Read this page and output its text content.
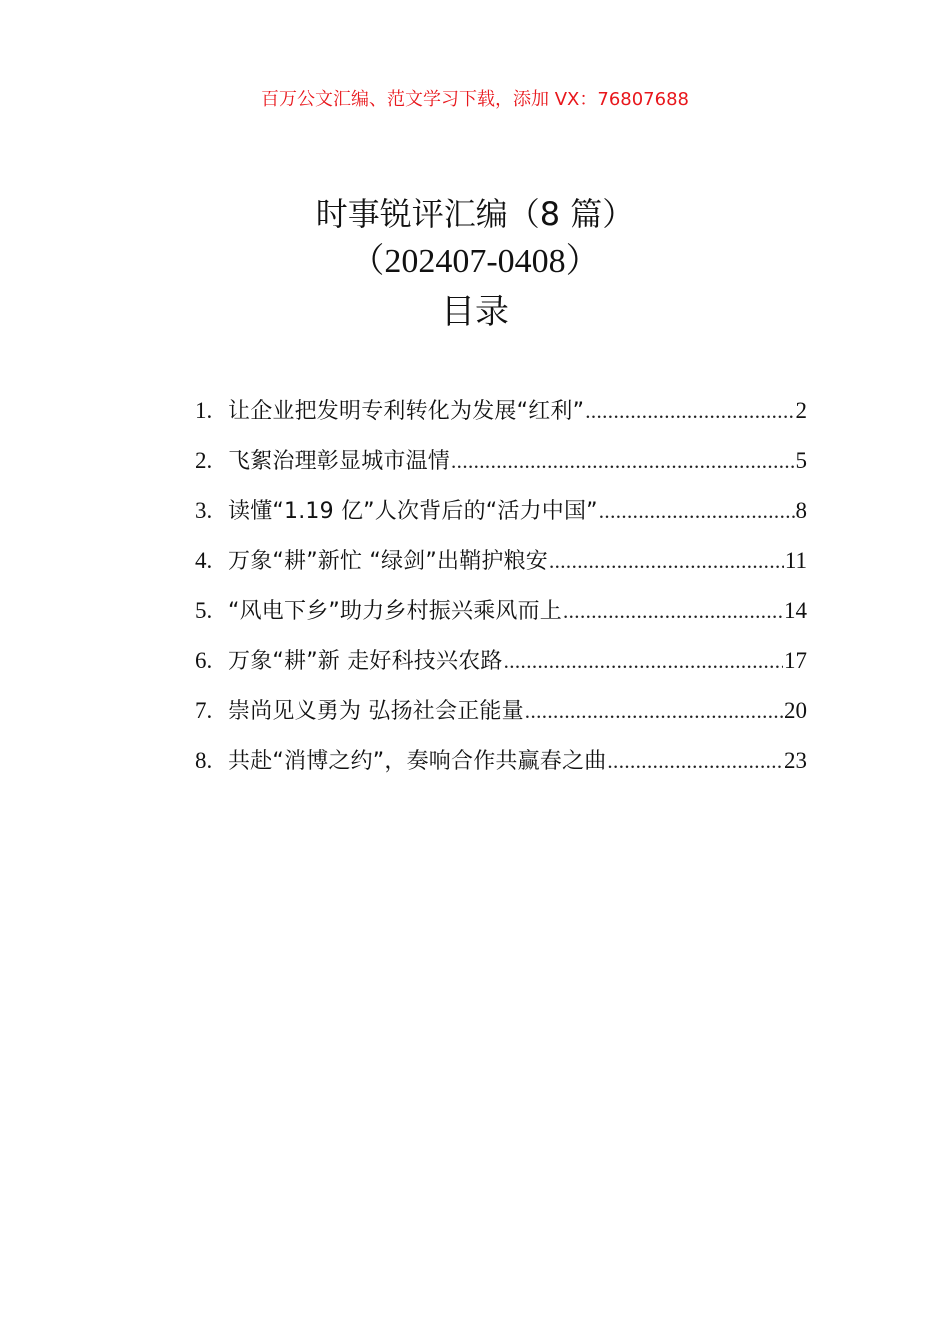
百万公文汇编、范文学习下载，添加 VX：76807688
时事锐评汇编（8 篇）
（202407-0408）
目录
1. 让企业把发明专利转化为发展“红利” .....	2
2. 飞絮治理彰显城市温情 .....	5
3. 读懂“1.19 亿”人次背后的“活力中国” .....	8
4. 万象“耕”新忙 “绿剑”出鞘护粮安 .....	11
5. “风电下乡”助力乡村振兴乘风而上 .....	14
6. 万象“耕”新 走好科技兴农路 .....	17
7. 崇尚见义勇为 弘扬社会正能量 .....	20
8. 共赴“消博之约”，奏响合作共赢春之曲 .....	23
